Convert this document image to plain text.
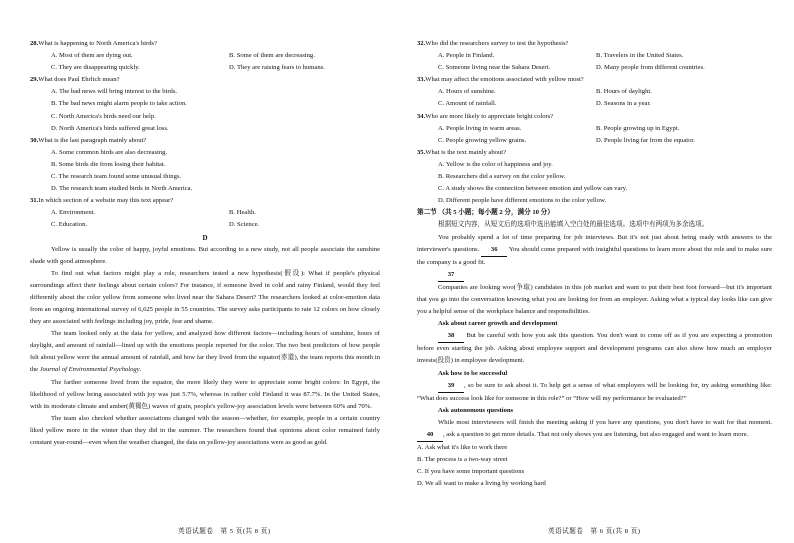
28.What is happening to North America's birds?
A. Most of them are dying out.	B. Some of them are decreasing.
C. They are disappearing quickly.	D. They are raising fears to humans.
29.What does Paul Ehrlich mean?
A. The bad news will bring interest to the birds.
B. The bad news might alarm people to take action.
C. North America's birds need our help.
D. North America's birds suffered great loss.
30.What is the last paragraph mainly about?
A. Some common birds are also decreasing.
B. Some birds die from losing their habitat.
C. The research team found some unusual things.
D. The research team studied birds in North America.
31.In which section of a website may this text appear?
A. Environment.	B. Health.
C. Education.	D. Science.
D

Yellow is usually the color of happy, joyful emotions. But according to a new study, not all people associate the sunshine shade with good atmosphere.

To find out what factors might play a role, researchers tested a new hypothesis(假设): What if people's physical surroundings affect their feelings about certain colors? For instance, if someone lived in cold and rainy Finland, would they feel differently about the color yellow from someone who lived near the Sahara Desert? The researchers looked at color-emotion data from an ongoing international survey of 6,625 people in 55 countries. The survey asks participants to rate 12 colors on how closely they are associated with feelings including joy, pride, fear and shame.

The team looked only at the data for yellow, and analyzed how different factors—including hours of sunshine, hours of daylight, and amount of rainfall—lined up with the emotions people reported for the color. The two best predictors of how people felt about yellow were the annual amount of rainfall, and how far they lived from the equator(赤道), the team reports this month in the Journal of Environmental Psychology.

The farther someone lived from the equator, the more likely they were to appreciate some bright colors: In Egypt, the likelihood of yellow being associated with joy was just 5.7%, whereas in rather cold Finland it was 87.7%. In the United States, with its moderate climate and amber(黄褐色) waves of grain, people's yellow-joy association levels were between 60% and 70%.

The team also checked whether associations changed with the season—whether, for example, people in a certain country liked yellow more in the winter than they did in the summer. The researchers found that opinions about color remained fairly constant year-round—even when the weather changed, the data on yellow-joy associations were as good as gold.

32.Who did the researchers survey to test the hypothesis?
A. People in Finland.	B. Travelers in the United States.
C. Someone living near the Sahara Desert.	D. Many people from different countries.
33.What may affect the emotions associated with yellow most?
A. Hours of sunshine.	B. Hours of daylight.
C. Amount of rainfall.	D. Seasons in a year.
34.Who are more likely to appreciate bright colors?
A. People living in warm areas.	B. People growing up in Egypt.
C. People growing yellow grains.	D. People living far from the equator.
35.What is the text mainly about?
A. Yellow is the color of happiness and joy.
B. Researchers did a survey on the color yellow.
C. A study shows the connection between emotion and yellow can vary.
D. Different people have different emotions to the color yellow.
第二节 （共 5 小题；每小题 2 分，满分 10 分）

根据短文内容，从短文后的选项中选出能填入空白处的最佳选项。选项中有两项为多余选项。

You probably spend a lot of time preparing for job interviews. But it's not just about being ready with answers to the interviewer's questions. 36 You should come prepared with insightful questions to learn more about the role and to make sure the company is a good fit.

37

Companies are looking woo(争取) candidates in this job market and want to put their best foot forward—but it's important that you go into the conversation knowing what you are looking for from an employer. Asking what a typical day looks like can give you a helpful sense of the workplace balance and responsibilities.

Ask about career growth and development

38 But be careful with how you ask this question. You don't want to come off as if you are expecting a promotion before even starting the job. Asking about employee support and development programs can also show how much an employer invests(投资) in employee development.

Ask how to be successful

39 , so be sure to ask about it. To help get a sense of what employers will be looking for, try asking something like: “What does success look like for someone in this role?” or “How will my performance be evaluated?”

Ask autonomous questions

While most interviewers will finish the meeting asking if you have any questions, you don't have to wait for that moment. 40 , ask a question to get more details. That not only shows you are listening, but also engaged and want to learn more.

A. Ask what it's like to work there
B. The process is a two-way street
C. If you have some important questions
D. We all want to make a living by working hard
英语试题卷　第 5 页(共 8 页)	英语试题卷　第 6 页(共 8 页)
